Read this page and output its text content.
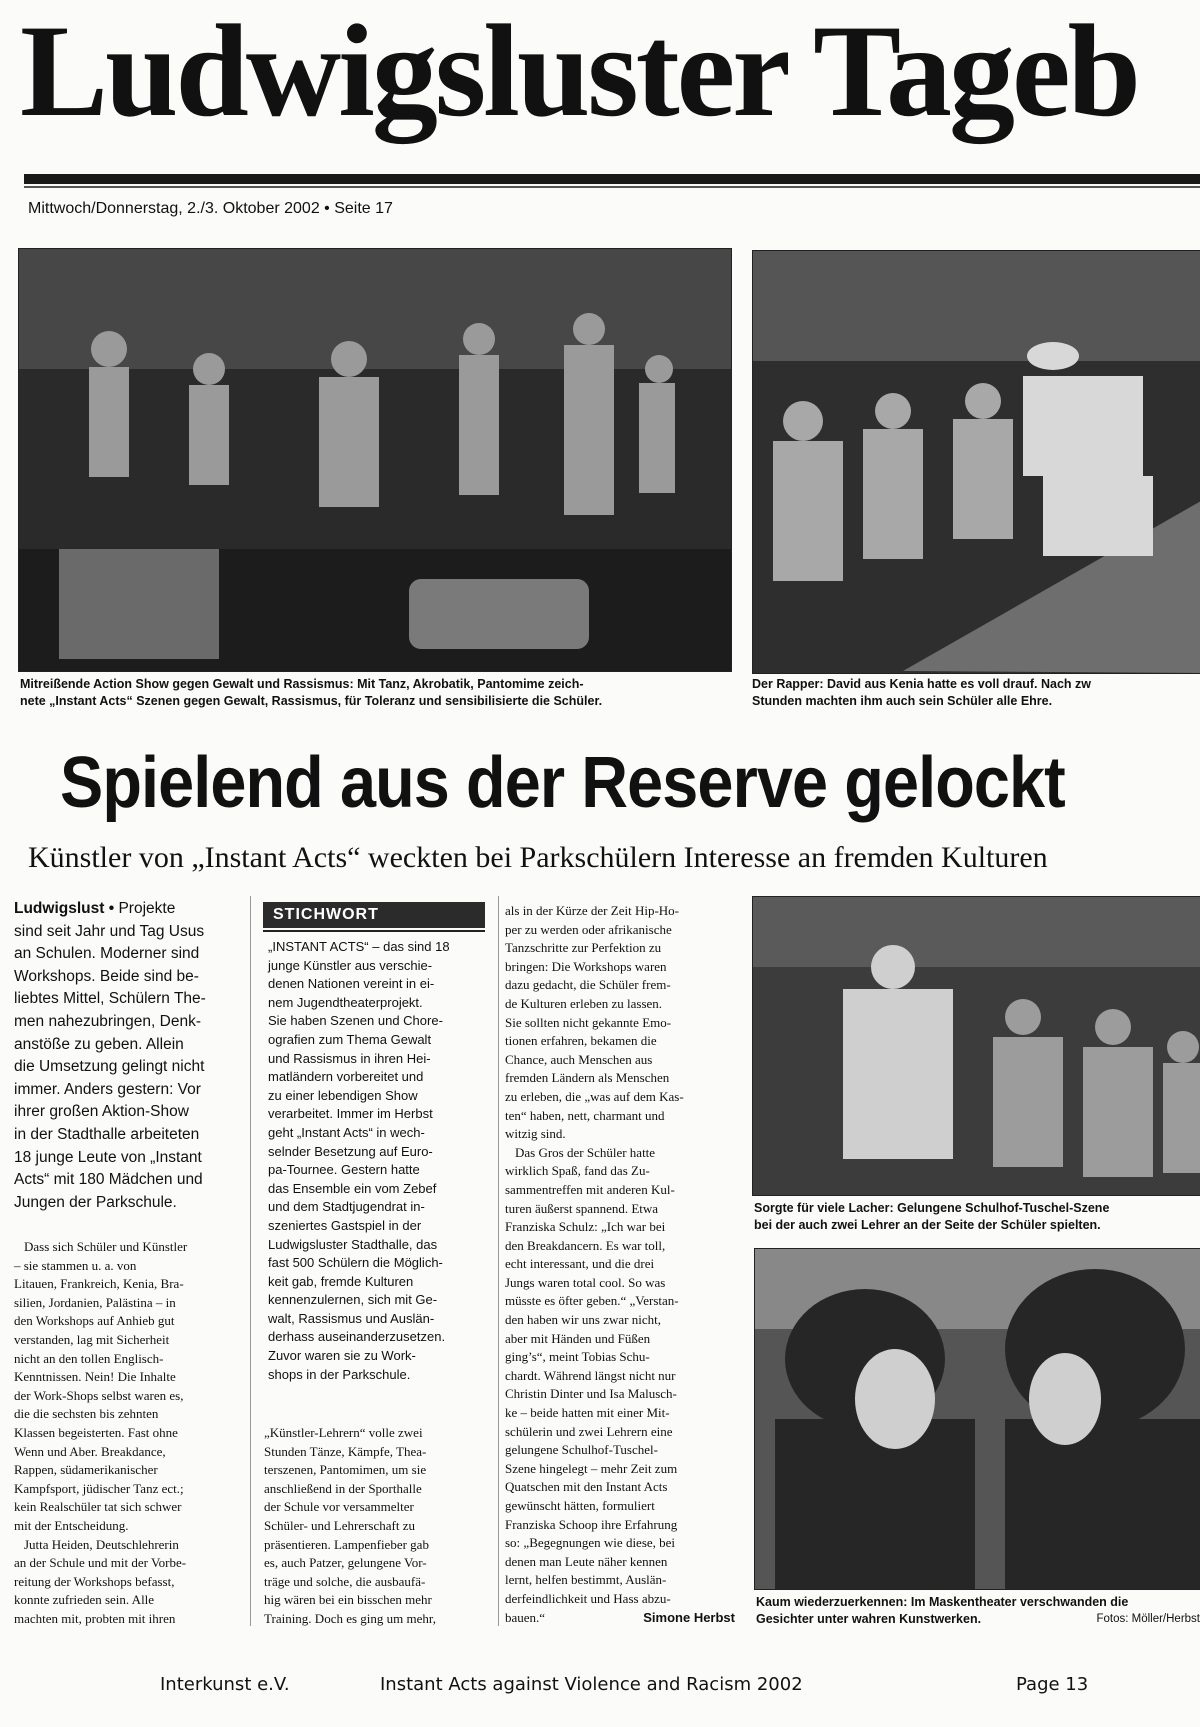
Ludwigsluster Tageb
Mittwoch/Donnerstag, 2./3. Oktober 2002 • Seite 17
Mitreißende Action Show gegen Gewalt und Rassismus: Mit Tanz, Akrobatik, Pantomime zeich-
nete „Instant Acts“ Szenen gegen Gewalt, Rassismus, für Toleranz und sensibilisierte die Schüler.
Der Rapper: David aus Kenia hatte es voll drauf. Nach zw
Stunden machten ihm auch sein Schüler alle Ehre.
Spielend aus der Reserve gelockt
Künstler von „Instant Acts“ weckten bei Parkschülern Interesse an fremden Kulturen
Ludwigslust • Projekte
sind seit Jahr und Tag Usus
an Schulen. Moderner sind
Workshops. Beide sind be-
liebtes Mittel, Schülern The-
men nahezubringen, Denk-
anstöße zu geben. Allein
die Umsetzung gelingt nicht
immer. Anders gestern: Vor
ihrer großen Aktion-Show
in der Stadthalle arbeiteten
18 junge Leute von „Instant
Acts“ mit 180 Mädchen und
Jungen der Parkschule.
Dass sich Schüler und Künstler
– sie stammen u. a. von
Litauen, Frankreich, Kenia, Bra-
silien, Jordanien, Palästina – in
den Workshops auf Anhieb gut
verstanden, lag mit Sicherheit
nicht an den tollen Englisch-
Kenntnissen. Nein! Die Inhalte
der Work-Shops selbst waren es,
die die sechsten bis zehnten
Klassen begeisterten. Fast ohne
Wenn und Aber. Breakdance,
Rappen, südamerikanischer
Kampfsport, jüdischer Tanz ect.;
kein Realschüler tat sich schwer
mit der Entscheidung.
Jutta Heiden, Deutschlehrerin
an der Schule und mit der Vorbe-
reitung der Workshops befasst,
konnte zufrieden sein. Alle
machten mit, probten mit ihren
STICHWORT
„INSTANT ACTS“ – das sind 18
junge Künstler aus verschie-
denen Nationen vereint in ei-
nem Jugendtheaterprojekt.
Sie haben Szenen und Chore-
ografien zum Thema Gewalt
und Rassismus in ihren Hei-
matländern vorbereitet und
zu einer lebendigen Show
verarbeitet. Immer im Herbst
geht „Instant Acts“ in wech-
selnder Besetzung auf Euro-
pa-Tournee. Gestern hatte
das Ensemble ein vom Zebef
und dem Stadtjugendrat in-
szeniertes Gastspiel in der
Ludwigsluster Stadthalle, das
fast 500 Schülern die Möglich-
keit gab, fremde Kulturen
kennenzulernen, sich mit Ge-
walt, Rassismus und Auslän-
derhass auseinanderzusetzen.
Zuvor waren sie zu Work-
shops in der Parkschule.
„Künstler-Lehrern“ volle zwei
Stunden Tänze, Kämpfe, Thea-
terszenen, Pantomimen, um sie
anschließend in der Sporthalle
der Schule vor versammelter
Schüler- und Lehrerschaft zu
präsentieren. Lampenfieber gab
es, auch Patzer, gelungene Vor-
träge und solche, die ausbaufä-
hig wären bei ein bisschen mehr
Training. Doch es ging um mehr,
als in der Kürze der Zeit Hip-Ho-
per zu werden oder afrikanische
Tanzschritte zur Perfektion zu
bringen: Die Workshops waren
dazu gedacht, die Schüler frem-
de Kulturen erleben zu lassen.
Sie sollten nicht gekannte Emo-
tionen erfahren, bekamen die
Chance, auch Menschen aus
fremden Ländern als Menschen
zu erleben, die „was auf dem Kas-
ten“ haben, nett, charmant und
witzig sind.
Das Gros der Schüler hatte
wirklich Spaß, fand das Zu-
sammentreffen mit anderen Kul-
turen äußerst spannend. Etwa
Franziska Schulz: „Ich war bei
den Breakdancern. Es war toll,
echt interessant, und die drei
Jungs waren total cool. So was
müsste es öfter geben.“ „Verstan-
den haben wir uns zwar nicht,
aber mit Händen und Füßen
ging’s“, meint Tobias Schu-
chardt. Während längst nicht nur
Christin Dinter und Isa Malusch-
ke – beide hatten mit einer Mit-
schülerin und zwei Lehrern eine
gelungene Schulhof-Tuschel-
Szene hingelegt – mehr Zeit zum
Quatschen mit den Instant Acts
gewünscht hätten, formuliert
Franziska Schoop ihre Erfahrung
so: „Begegnungen wie diese, bei
denen man Leute näher kennen
lernt, helfen bestimmt, Auslän-
derfeindlichkeit und Hass abzu-
bauen.“	Simone Herbst
Sorgte für viele Lacher: Gelungene Schulhof-Tuschel-Szene
bei der auch zwei Lehrer an der Seite der Schüler spielten.
Kaum wiederzuerkennen: Im Maskentheater verschwanden die
Gesichter unter wahren Kunstwerken.	Fotos: Möller/Herbst
Interkunst e.V.	Instant Acts against Violence and Racism 2002	Page 13
